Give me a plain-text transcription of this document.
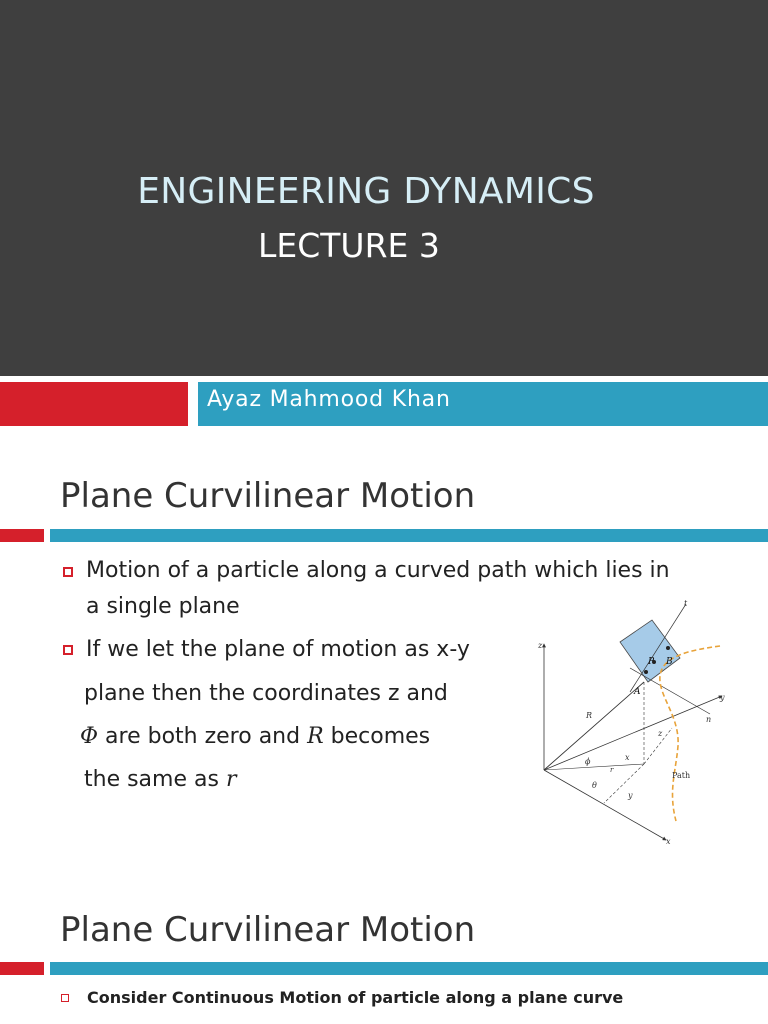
ENGINEERING DYNAMICS
LECTURE 3
Ayaz Mahmood Khan
Plane Curvilinear Motion
Motion of a particle along a curved path which lies in
a single plane
If we let the plane of motion as x-y
plane then the coordinates z and
Φ are both zero and R becomes
the same as r
t
z
P B
A
y
n
R
z
ϕ	x
r
Path
θ
y
x
Plane Curvilinear Motion
Consider Continuous Motion of particle along a plane curve
